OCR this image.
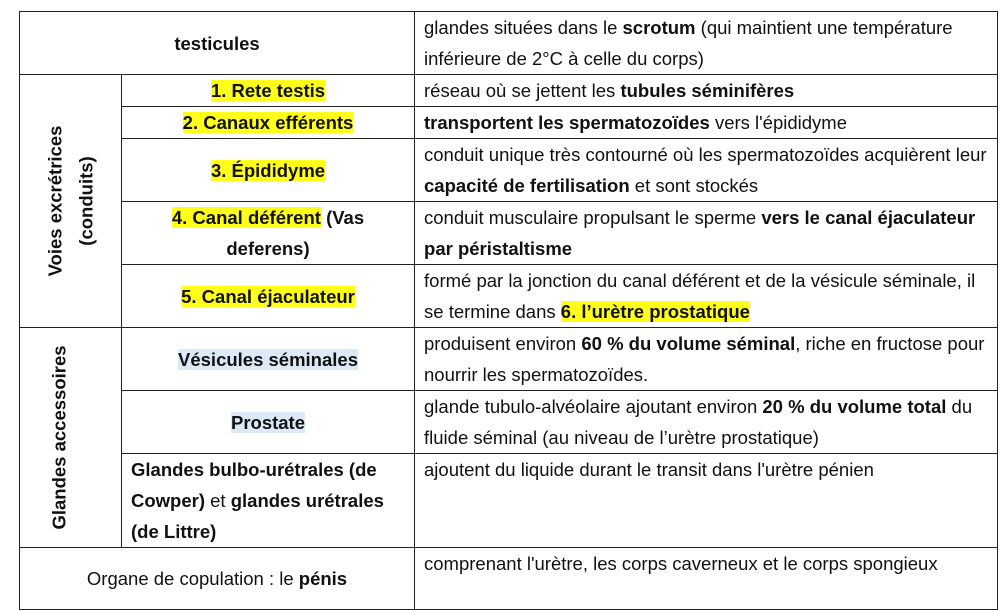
testicules		glandes situées dans le scrotum (qui maintient une température inférieure de 2°C à celle du corps)

Voies excrétrices (conduits)	1. Rete testis	réseau où se jettent les tubules séminifères
	2. Canaux efférents	transportent les spermatozoïdes vers l'épididyme
	3. Épididyme	conduit unique très contourné où les spermatozoïdes acquièrent leur capacité de fertilisation et sont stockés
	4. Canal déférent (Vas deferens)	conduit musculaire propulsant le sperme vers le canal éjaculateur par péristaltisme
	5. Canal éjaculateur	formé par la jonction du canal déférent et de la vésicule séminale, il se termine dans 6. l’urètre prostatique

Glandes accessoires	Vésicules séminales	produisent environ 60 % du volume séminal, riche en fructose pour nourrir les spermatozoïdes.
	Prostate	glande tubulo-alvéolaire ajoutant environ 20 % du volume total du fluide séminal (au niveau de l’urètre prostatique)
	Glandes bulbo-urétrales (de Cowper) et glandes urétrales (de Littre)	ajoutent du liquide durant le transit dans l'urètre pénien
Organe de copulation : le pénis		comprenant l'urètre, les corps caverneux et le corps spongieux
